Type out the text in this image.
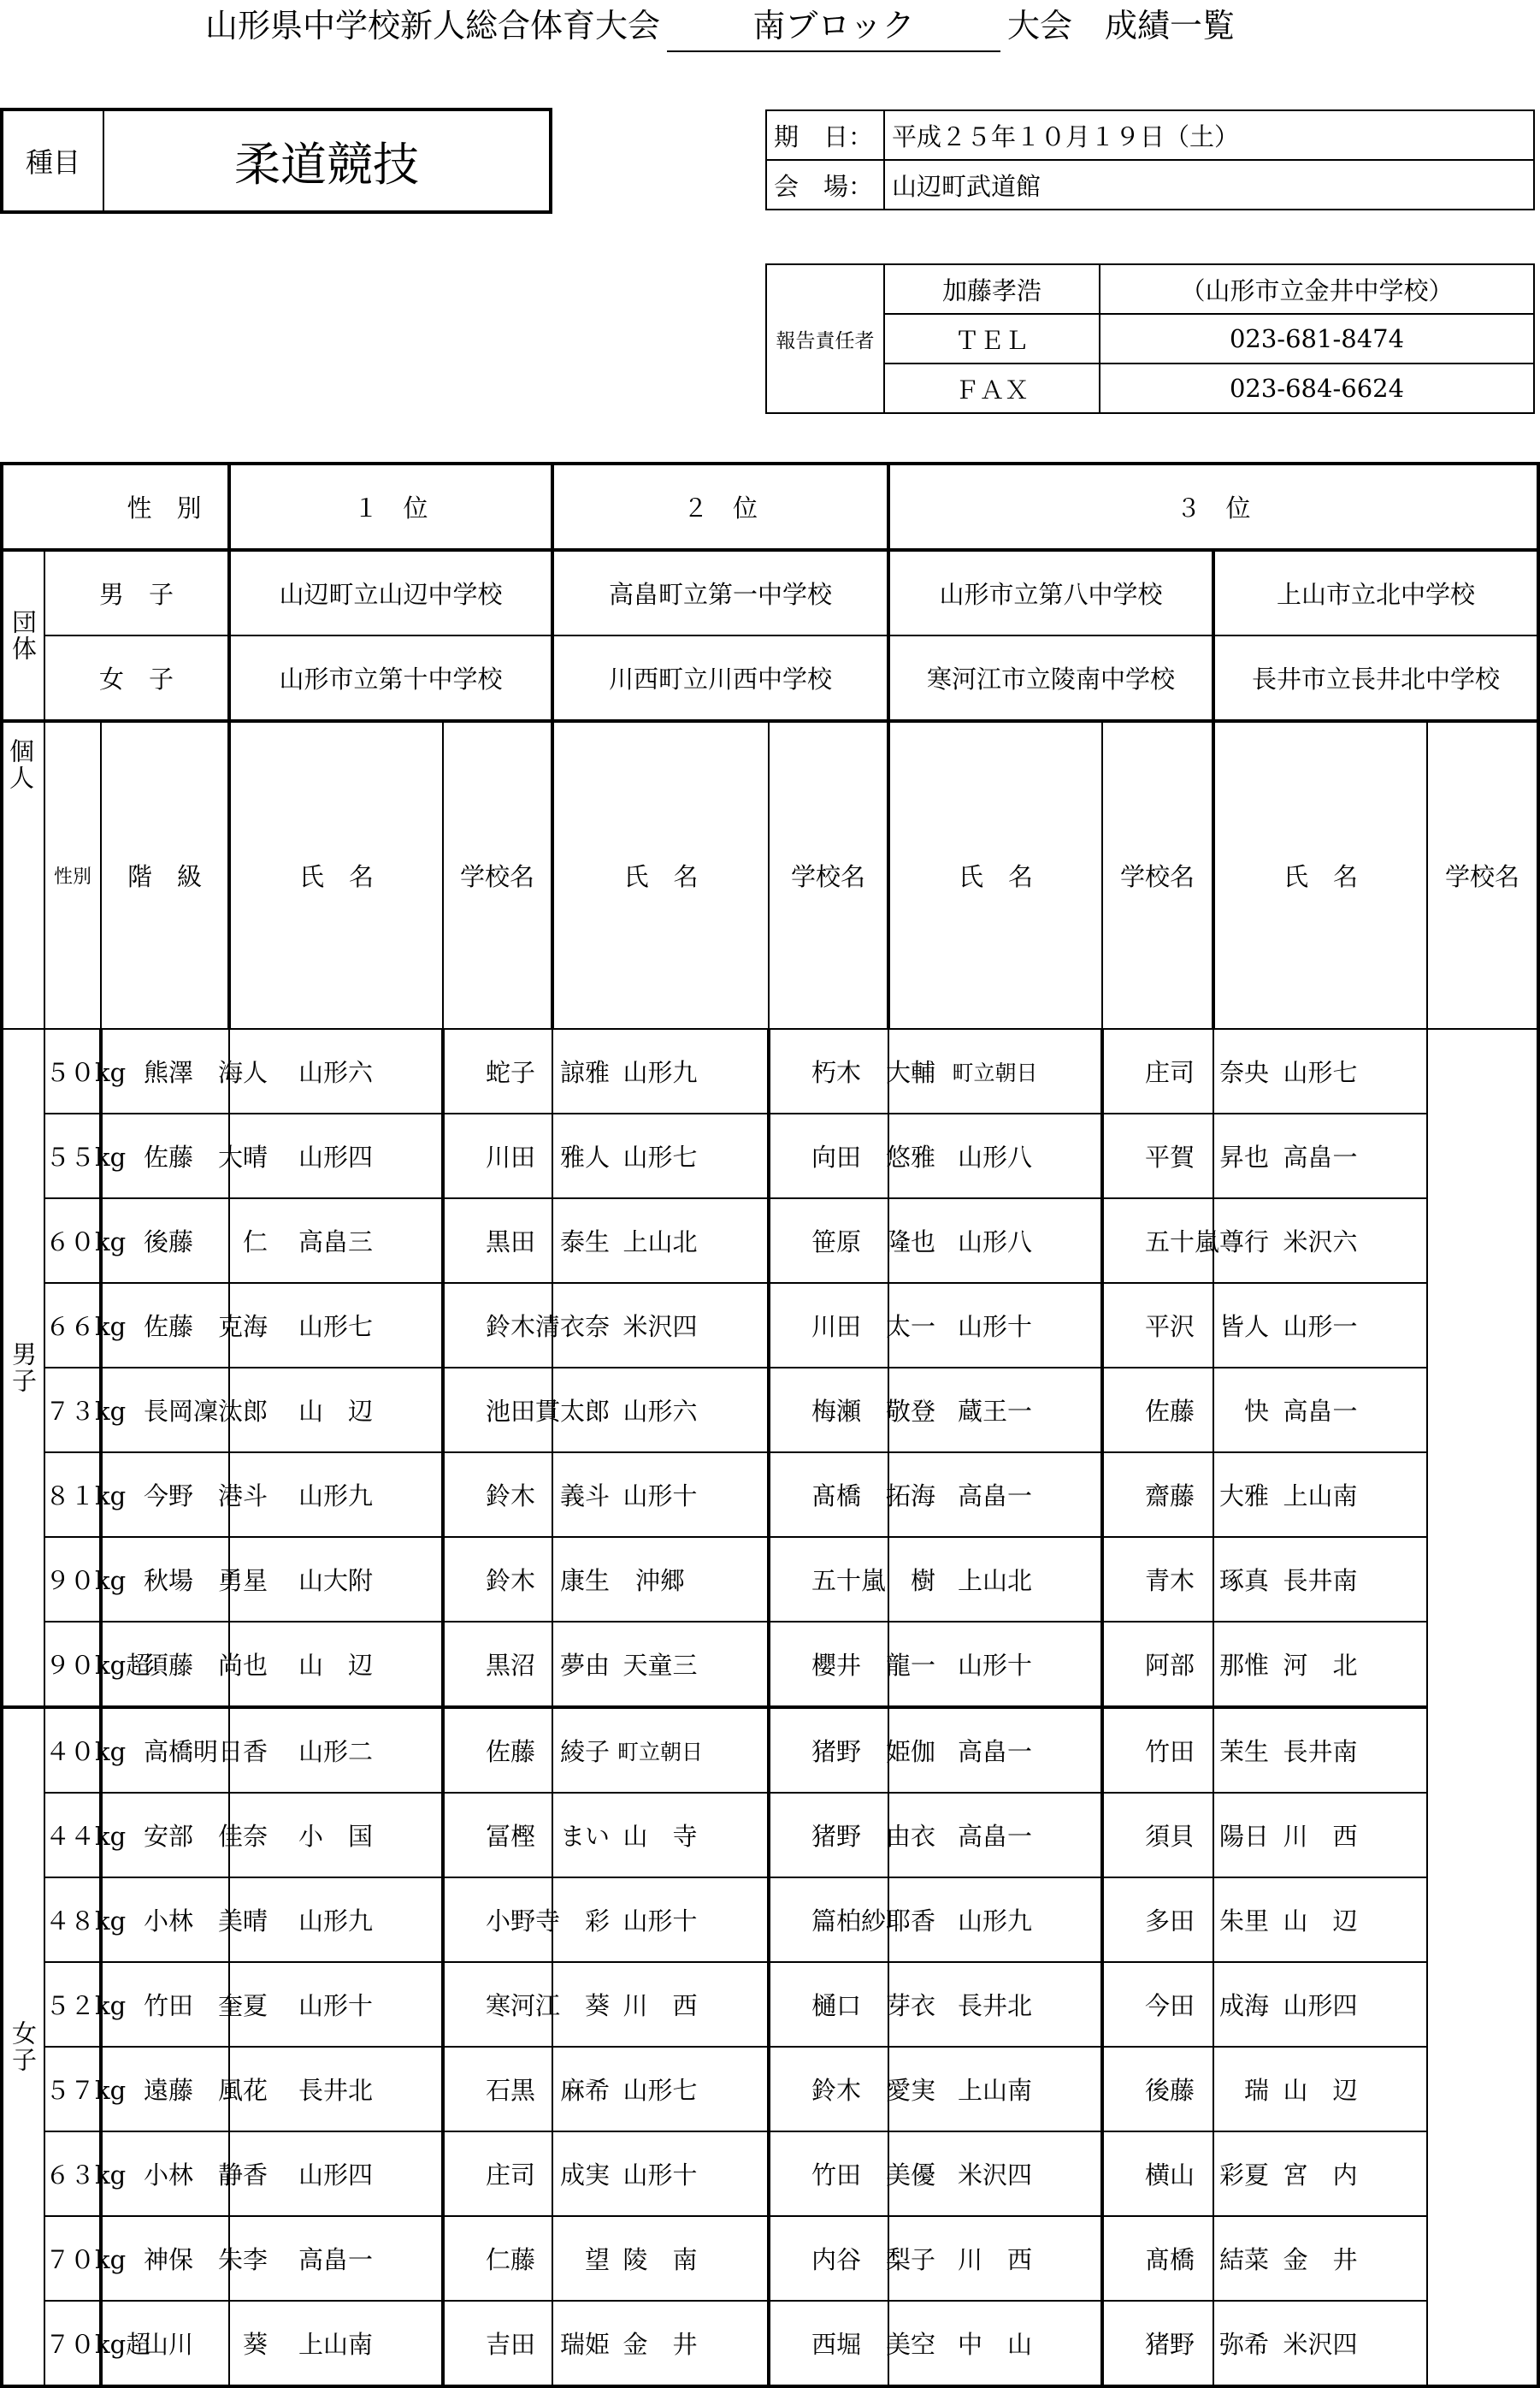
山形県中学校新人総合体育大会	南ブロック	大会　成績一覧
種目	柔道競技
期　日：	平成２５年１０月１９日（土）
会　場：	山辺町武道館
報告責任者	加藤孝浩	（山形市立金井中学校）
	ＴＥＬ	023-681-8474
	ＦＡＸ	023-684-6624
		性　別	１　位		２　位		３　位			
団体	男　子		山辺町立山辺中学校		高畠町立第一中学校		山形市立第八中学校		上山市立北中学校	
	女　子		山形市立第十中学校		川西町立川西中学校		寒河江市立陵南中学校		長井市立長井北中学校	
個人	性別	階　級	氏　名	学校名	氏　名	学校名	氏　名	学校名	氏　名	学校名
男子	５０kg	熊澤　海人	山形六	蛇子　諒雅	山形九	朽木　大輔	町立朝日	庄司　奈央	山形七	
	５５kg	佐藤　大晴	山形四	川田　雅人	山形七	向田　悠雅	山形八	平賀　昇也	高畠一	
	６０kg	後藤　　仁	高畠三	黒田　泰生	上山北	笹原　隆也	山形八	五十嵐尊行	米沢六	
	６６kg	佐藤　克海	山形七	鈴木清衣奈	米沢四	川田　太一	山形十	平沢　皆人	山形一	
	７３kg	長岡凜汰郎	山　辺	池田貫太郎	山形六	梅瀬　敬登	蔵王一	佐藤　　快	高畠一	
	８１kg	今野　港斗	山形九	鈴木　義斗	山形十	髙橋　拓海	高畠一	齋藤　大雅	上山南	
	９０kg	秋場　勇星	山大附	鈴木　康生	沖郷	五十嵐　樹	上山北	青木　琢真	長井南	
	９０kg超	須藤　尚也	山　辺	黒沼　夢由	天童三	櫻井　龍一	山形十	阿部　那惟	河　北	
女子	４０kg	高橋明日香	山形二	佐藤　綾子	町立朝日	猪野　姫伽	高畠一	竹田　茉生	長井南	
	４４kg	安部　佳奈	小　国	冨樫　まい	山　寺	猪野　由衣	高畠一	須貝　陽日	川　西	
	４８kg	小林　美晴	山形九	小野寺　彩	山形十	篇柏紗耶香	山形九	多田　朱里	山　辺	
	５２kg	竹田　奎夏	山形十	寒河江　葵	川　西	樋口　芽衣	長井北	今田　成海	山形四	
	５７kg	遠藤　風花	長井北	石黒　麻希	山形七	鈴木　愛実	上山南	後藤　　瑞	山　辺	
	６３kg	小林　静香	山形四	庄司　成実	山形十	竹田　美優	米沢四	横山　彩夏	宮　内	
	７０kg	神保　朱李	高畠一	仁藤　　望	陵　南	内谷　梨子	川　西	髙橋　結菜	金　井	
	７０kg超	山川　　葵	上山南	吉田　瑞姫	金　井	西堀　美空	中　山	猪野　弥希	米沢四	
